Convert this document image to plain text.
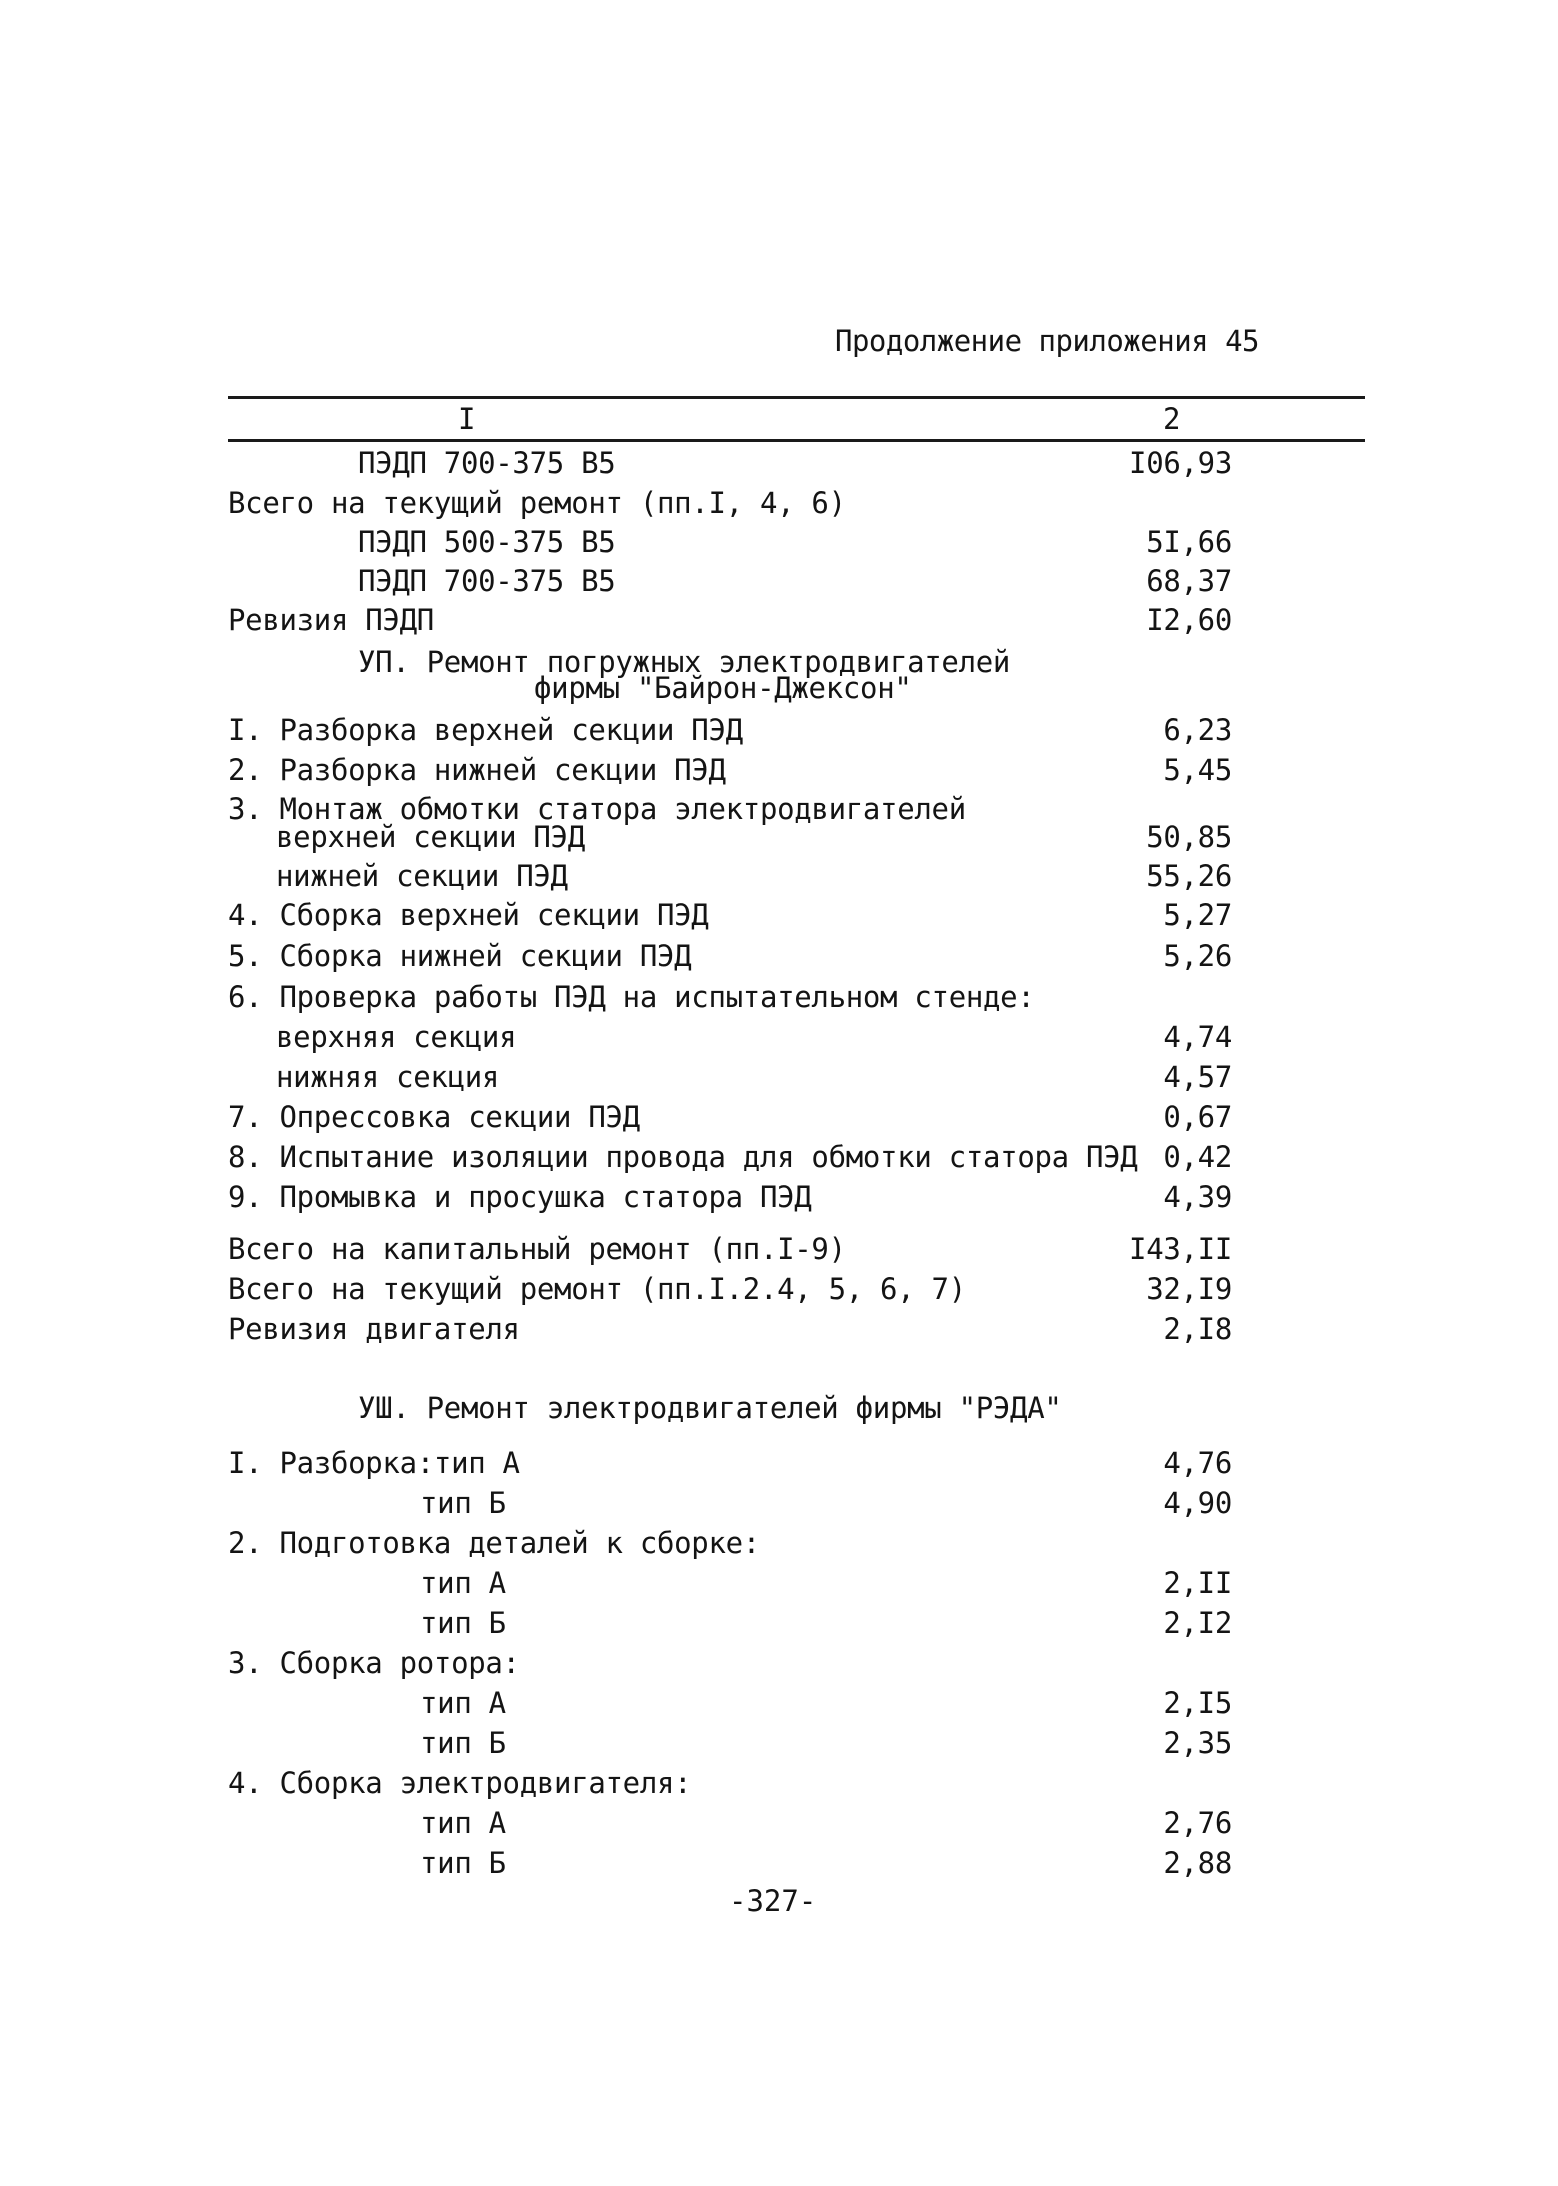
Продолжение приложения 45
I	2
ПЭДП 700-375 В5	I06,93
Всего на текущий ремонт (пп.I, 4, 6)
ПЭДП 500-375 В5	5I,66
ПЭДП 700-375 В5	68,37
Ревизия ПЭДП	I2,60
УП. Ремонт погружных электродвигателей
фирмы "Байрон-Джексон"
I. Разборка верхней секции ПЭД	6,23
2. Разборка нижней секции ПЭД	5,45
3. Монтаж обмотки статора электродвигателей
верхней секции ПЭД	50,85
нижней секции ПЭД	55,26
4. Сборка верхней секции ПЭД	5,27
5. Сборка нижней секции ПЭД	5,26
6. Проверка работы ПЭД на испытательном стенде:
верхняя секция	4,74
нижняя секция	4,57
7. Опрессовка секции ПЭД	0,67
8. Испытание изоляции провода для обмотки статора ПЭД 0,42
9. Промывка и просушка статора ПЭД	4,39
Всего на капитальный ремонт (пп.I-9)	I43,II
Всего на текущий ремонт (пп.I.2.4, 5, 6, 7)	32,I9
Ревизия двигателя	2,I8
УШ. Ремонт электродвигателей фирмы "РЭДА"
I. Разборка:тип А	4,76
тип Б	4,90
2. Подготовка деталей к сборке:
тип А	2,II
тип Б	2,I2
3. Сборка ротора:
тип А	2,I5
тип Б	2,35
4. Сборка электродвигателя:
тип А	2,76
тип Б	2,88
-327-
